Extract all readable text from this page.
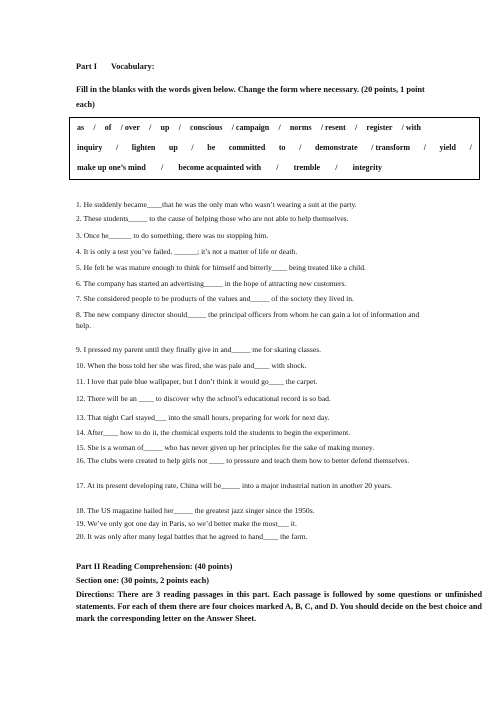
Part I Vocabulary:
Fill in the blanks with the words given below. Change the form where necessary. (20 points, 1 point each)
as / of / over / up / conscious / campaign / norms / resent / register / with
inquiry / lighten up / be committed to / demonstrate / transform / yield /
make up one’s mind / become acquainted with / tremble / integrity
1. He suddenly became____that he was the only man who wasn’t wearing a suit at the party.
2. These students_____ to the cause of helping those who are not able to help themselves.
3. Once he______ to do something, there was no stopping him.
4. It is only a test you’ve failed. ______; it’s not a matter of life or death.
5. He felt he was mature enough to think for himself and bitterly____ being treated like a child.
6. The company has started an advertising_____ in the hope of attracting new customers.
7. She considered people to be products of the values and_____ of the society they lived in.
8. The new company director should_____ the principal officers from whom he can gain a lot of information and help.
9. I pressed my parent until they finally give in and_____ me for skating classes.
10. When the boss told her she was fired, she was pale and____ with shock.
11. I love that pale blue wallpaper, but I don’t think it would go____ the carpet.
12. There will be an ____ to discover why the school’s educational record is so bad.
13. That night Carl stayed___ into the small hours, preparing for work for next day.
14. After____ how to do it, the chemical experts told the students to begin the experiment.
15. She is a woman of_____ who has never given up her principles for the sake of making money.
16. The clubs were created to help girls not ____ to pressure and teach them how to better defend themselves.
17. At its present developing rate, China will be_____ into a major industrial nation in another 20 years.
18. The US magazine hailed her_____ the greatest jazz singer since the 1950s.
19. We’ve only got one day in Paris, so we’d better make the most___ it.
20. It was only after many legal battles that he agreed to hand____ the farm.
Part II Reading Comprehension: (40 points)
Section one: (30 points, 2 points each)
Directions: There are 3 reading passages in this part. Each passage is followed by some questions or unfinished statements. For each of them there are four choices marked A, B, C, and D. You should decide on the best choice and mark the corresponding letter on the Answer Sheet.
